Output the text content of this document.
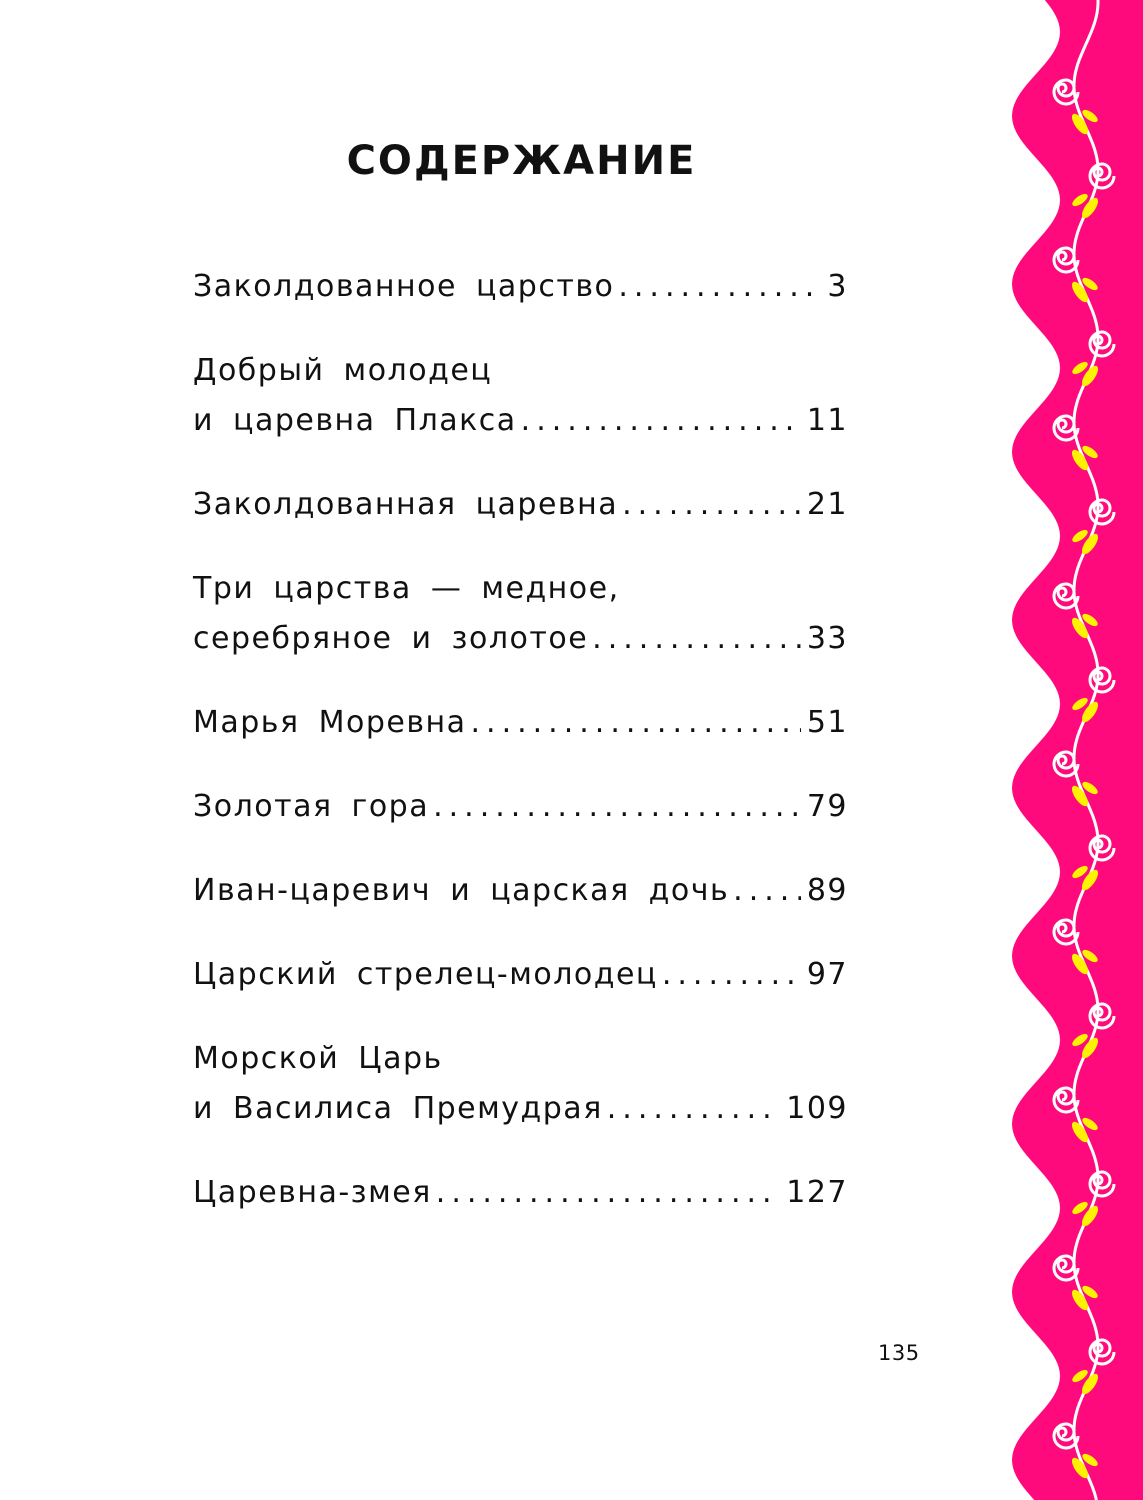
СОДЕРЖАНИЕ
Заколдованное царство .....	3
Добрый молодец
и царевна Плакса .....	11
Заколдованная царевна .....	21
Три царства — медное,
серебряное и золотое .....	33
Марья Моревна .....	51
Золотая гора .....	79
Иван-царевич и царская дочь .....	89
Царский стрелец-молодец .....	97
Морской Царь
и Василиса Премудрая .....	109
Царевна-змея .....	127
135
